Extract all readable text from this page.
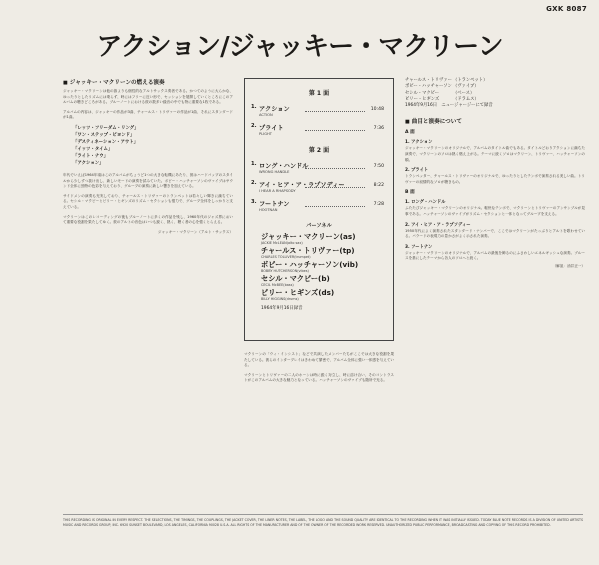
GXK 8087
アクション/ジャッキー・マクリーン
■ ジャッキー・マクリーンの燃える演奏

ジャッキー・マクリーンは他の誰よりも個性的なアルトサックス奏者である。かつてのように大らかな、ゆったりとしたリズムには乗らず、時にはフリーに近い形で、セッションを展開していくところにこのアルバムの聴きどころがある。ブルーノートにおける彼の数多い録音の中でも特に重要な1枚である。

アルバムの内容は、ジャッキーの作品が3曲、チャールス・トリヴァーの作品が1曲、それにスタンダードが1曲。

「レッツ・フリーダム・リング」
「ワン・ステップ・ビヨンド」
「デスティネーション・アウト」
「イッツ・タイム」
「ライト・ナウ」
「アクション」

年代でいえば1964年頃はこのアルバムがちょうど1つの大きな転機にあたり、彼はハードバップのスタイルから少しずつ抜け出し、新しいモードの演奏を試みていた。ボビー・ハッチャーソンのヴァイブはサウンド全体に独特の色彩を与えており、グループの演奏に新しい響きを加えている。

サイドメンの演奏も充実しており、チャールス・トリヴァーのトランペットは若々しい輝きに満ちている。セシル・マクビーとビリー・ヒギンズのリズム・セクションも強力で、グループ全体をしっかりと支えている。

マクリーンはこのレコーディングの後もブルーノートに多くの作品を残し、1960年代のジャズ界において重要な役割を果たしてゆく。彼のアルトの音色はいつも鋭く、熱く、聴く者の心を強くとらえる。

ジャッキー・マクリーン（アルト・サックス）

第 1 面
1. アクション
ACTION
10:48
2. プライト
PLIGHT
7:36
第 2 面
1. ロング・ハンドル
WRONG HANDLE
7:50
2. アイ・ヒア・ア・ラプソディー
I HEAR A RHAPSODY
8:22
3. フートナン
HOOTNAN
7:28
パーソネル
ジャッキー・マクリーン(as)
JACKIE McLEAN(alto sax)
チャールス・トリヴァー(tp)
CHARLES TOLLIVER(trumpet)
ボビー・ハッチャーソン(vib)
BOBBY HUTCHERSON(vibes)
セシル・マクビー(b)
CECIL McBEE(bass)
ビリー・ヒギンズ(ds)
BILLY HIGGINS(drums)
1964年9月16日録音

マクリーンの「ウィ・インシスト」などで共演したメンバーたちがここでは大きな役割を果たしている。彼らのインタープレイはきわめて緊密で、アルバム全体に強い一体感を与えている。

マクリーンとトリヴァーの二人のホーンは時に鋭く対立し、時に溶け合い、そのコントラストがこのアルバムの大きな魅力となっている。ハッチャーソンのヴァイブも随所で光る。

チャールス・トリヴァー （トランペット）
ボビー・ハッチャーソン （ヴァイブ）
セシル・マクビー	（ベース）
ビリー・ヒギンズ	（ドラムス）
1964年9月16日　ニュージャージーにて録音
■ 曲目と演奏について
A 面
1. アクション
ジャッキー・マクリーンのオリジナルで、アルバムのタイトル曲でもある。タイトルどおりアクションに満ちた演奏で、マクリーンのソロは熱く燃え上がる。テーマに続くソロはマクリーン、トリヴァー、ハッチャーソンの順。
2. プライト
トランペッター、チャールス・トリヴァーのオリジナルで、ゆったりとしたテンポで演奏される美しい曲。トリヴァーの叙情的なソロが聴きもの。
B 面
1. ロング・ハンドル
ふたたびジャッキー・マクリーンのオリジナル。軽快なテンポで、マクリーンとトリヴァーのアンサンブルが見事である。ハッチャーソンのヴァイブがリズム・セクションと一体となってグループを支える。
2. アイ・ヒア・ア・ラプソディー
1950年代によく演奏されたスタンダード・ナンバーで、ここではマクリーンがたっぷりとアルトを歌わせている。バラードの表現力の豊かさがよく示された演奏。
3. フートナン
ジャッキー・マクリーンのオリジナルで、アルバムの最後を飾るのにふさわしいエネルギッシュな演奏。ブルースを基にしたテーマから各人のソロへと続く。
（解説：油井正一）
THIS RECORDING IS ORIGINAL IN EVERY RESPECT. THE SELECTIONS, THE TIMINGS, THE COUPLINGS, THE JACKET COVER, THE LINER NOTES, THE LABEL, THE LOGO AND THE SOUND QUALITY ARE IDENTICAL TO THE RECORDING WHEN IT WAS INITIALLY ISSUED. TODAY BLUE NOTE RECORDS IS A DIVISION OF UNITED ARTISTS MUSIC AND RECORDS GROUP, INC. 6920 SUNSET BOULEVARD, LOS ANGELES, CALIFORNIA 90028 U.S.A. ALL RIGHTS OF THE MANUFACTURER AND OF THE OWNER OF THE RECORDED WORK RESERVED. UNAUTHORIZED PUBLIC PERFORMANCE, BROADCASTING AND COPYING OF THIS RECORD PROHIBITED.
